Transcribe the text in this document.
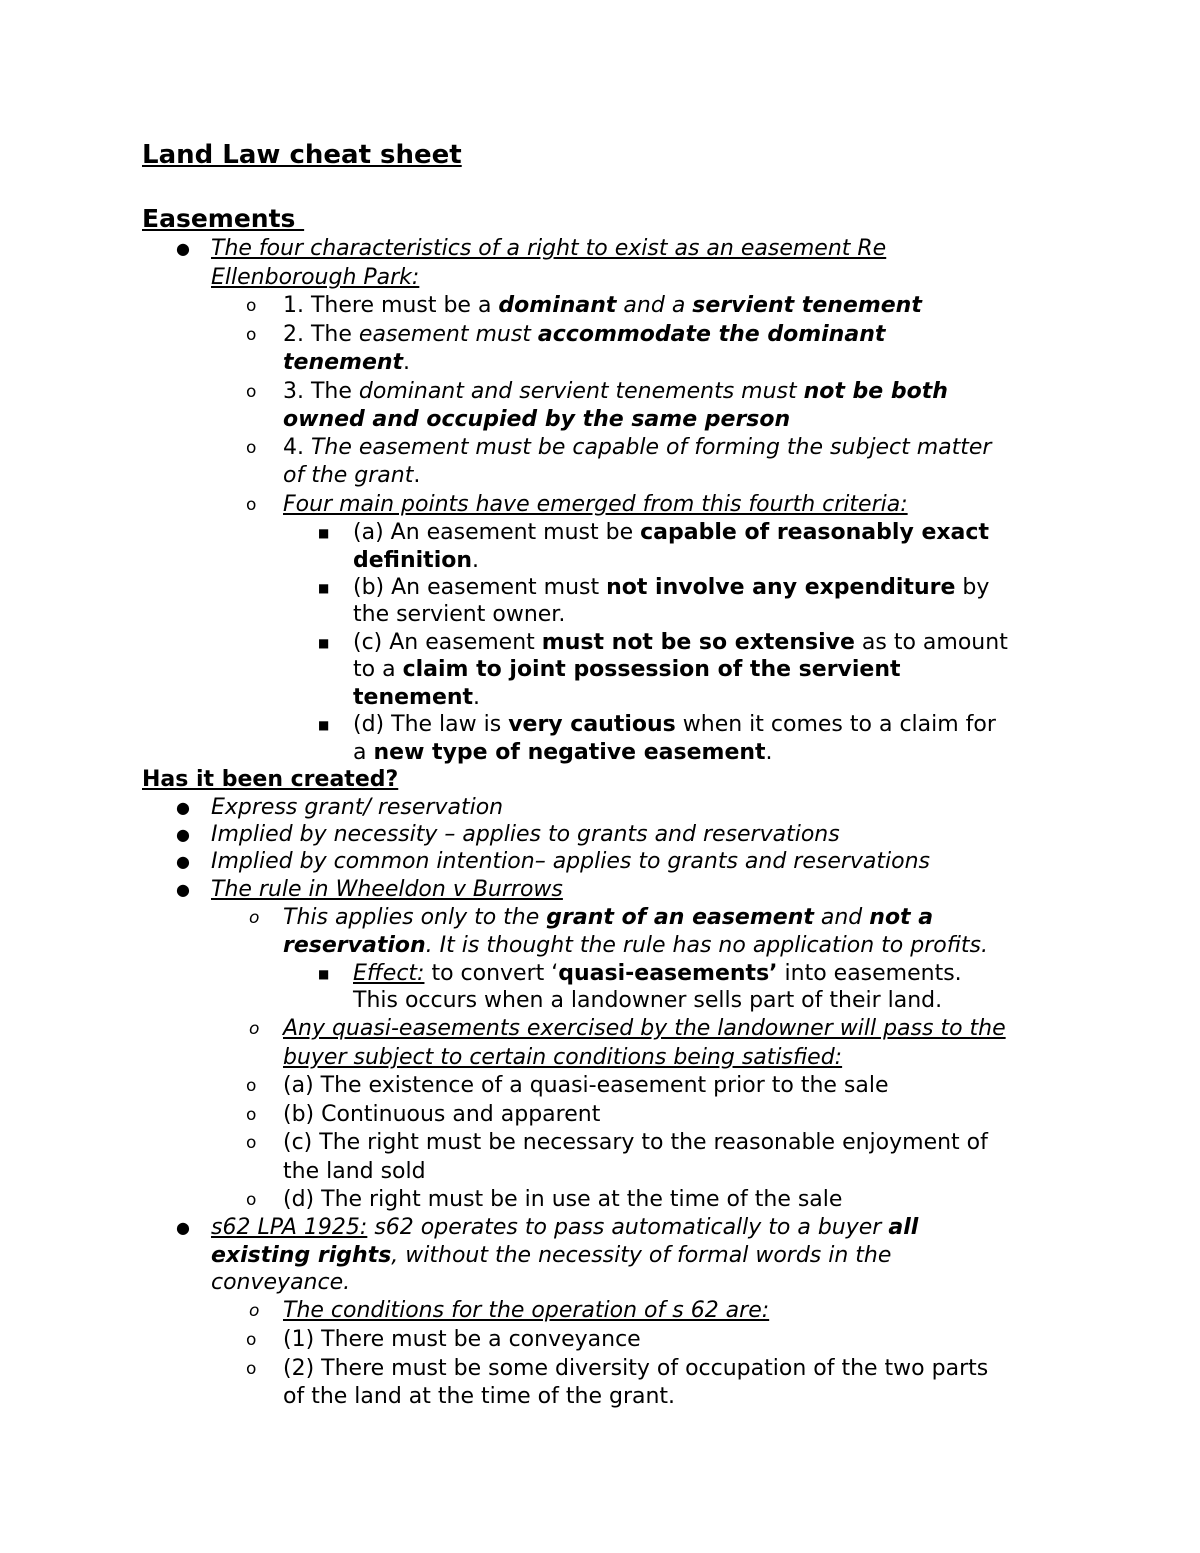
Land Law cheat sheet
Easements
● The four characteristics of a right to exist as an easement Re
Ellenborough Park:
o 1. There must be a dominant and a servient tenement
o 2. The easement must accommodate the dominant
tenement.
o 3. The dominant and servient tenements must not be both
owned and occupied by the same person
o 4. The easement must be capable of forming the subject matter
of the grant.
o Four main points have emerged from this fourth criteria:
■ (a) An easement must be capable of reasonably exact
definition.
■ (b) An easement must not involve any expenditure by
the servient owner.
■ (c) An easement must not be so extensive as to amount
to a claim to joint possession of the servient
tenement.
■ (d) The law is very cautious when it comes to a claim for
a new type of negative easement.
Has it been created?
● Express grant/ reservation
● Implied by necessity – applies to grants and reservations
● Implied by common intention– applies to grants and reservations
● The rule in Wheeldon v Burrows
o This applies only to the grant of an easement and not a
reservation. It is thought the rule has no application to profits.
■ Effect: to convert ‘quasi-easements’ into easements.
This occurs when a landowner sells part of their land.
o Any quasi-easements exercised by the landowner will pass to the
buyer subject to certain conditions being satisfied:
o (a) The existence of a quasi-easement prior to the sale
o (b) Continuous and apparent
o (c) The right must be necessary to the reasonable enjoyment of
the land sold
o (d) The right must be in use at the time of the sale
● s62 LPA 1925: s62 operates to pass automatically to a buyer all
existing rights, without the necessity of formal words in the
conveyance.
o The conditions for the operation of s 62 are:
o (1) There must be a conveyance
o (2) There must be some diversity of occupation of the two parts
of the land at the time of the grant.
